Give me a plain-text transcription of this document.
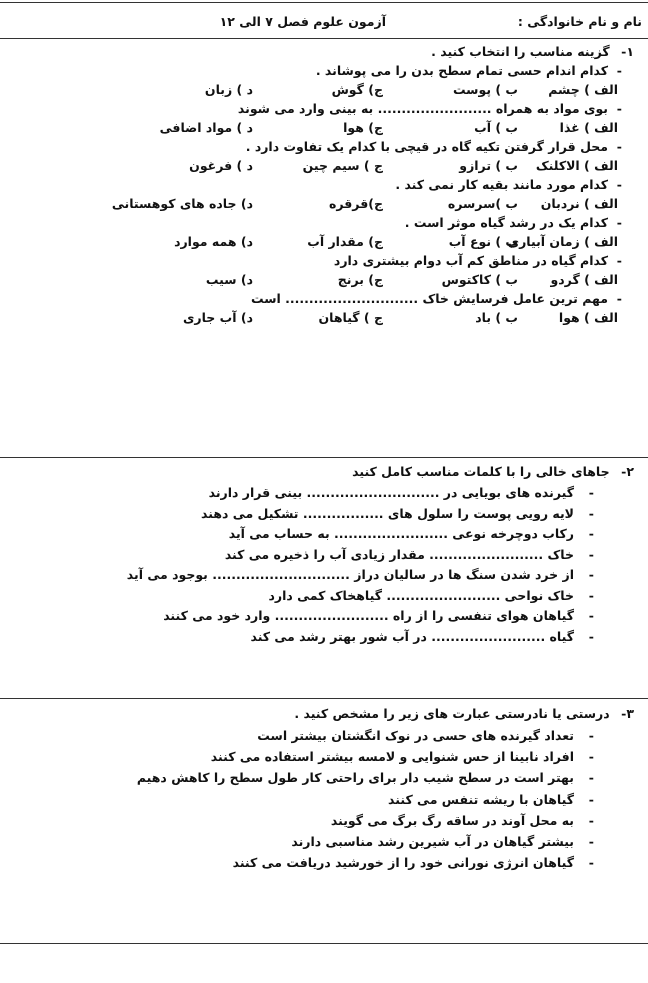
نام و نام خانوادگی :
آزمون علوم فصل ۷ الی ۱۲
۱- گزینه مناسب را انتخاب کنید .
-
کدام اندام حسی تمام سطح بدن را می پوشاند .
الف ) چشم
ب ) پوست
ج) گوش
د ) زبان
-
بوی مواد به همراه ........................ به بینی وارد می شوند
الف ) غذا
ب ) آب
ج) هوا
د ) مواد اضافی
-
محل قرار گرفتن تکیه گاه در قیچی با کدام یک تفاوت دارد .
الف ) الاکلنک
ب ) ترازو
ج ) سیم چین
د ) فرغون
-
کدام مورد مانند بقیه کار نمی کند .
الف ) نردبان
ب )سرسره
ج)قرقره
د) جاده های کوهستانی
-
کدام یک در رشد گیاه موثر است .
الف ) زمان آبیاری
ب ) نوع آب
ج) مقدار آب
د) همه موارد
-
کدام گیاه در مناطق کم آب دوام بیشتری دارد
الف ) گردو
ب ) کاکتوس
ج) برنج
د) سیب
-
مهم ترین عامل فرسایش خاک ............................ است
الف ) هوا
ب ) باد
ج ) گیاهان
د) آب جاری
۲- جاهای خالی را با کلمات مناسب کامل کنید
-
گیرنده های بویایی در ............................ بینی قرار دارند
-
لایه رویی پوست را سلول های ................. تشکیل می دهند
-
رکاب دوچرخه نوعی ........................ به حساب می آید
-
خاک ........................ مقدار زیادی آب را ذخیره می کند
-
از خرد شدن سنگ ها در سالیان دراز ............................. بوجود می آید
-
خاک نواحی ........................ گیاهخاک کمی دارد
-
گیاهان هوای تنفسی را از راه ........................ وارد خود می کنند
-
گیاه ........................ در آب شور بهتر رشد می کند
۳- درستی یا نادرستی عبارت های زیر را مشخص کنید .
-
تعداد گیرنده های حسی در نوک انگشتان بیشتر است
-
افراد نابینا از حس شنوایی و لامسه بیشتر استفاده می کنند
-
بهتر است در سطح شیب دار برای راحتی کار طول سطح را کاهش دهیم
-
گیاهان با ریشه تنفس می کنند
-
به محل آوند در ساقه رگ برگ می گویند
-
بیشتر گیاهان در آب شیرین رشد مناسبی دارند
-
گیاهان انرژی نورانی خود را از خورشید دریافت می کنند
